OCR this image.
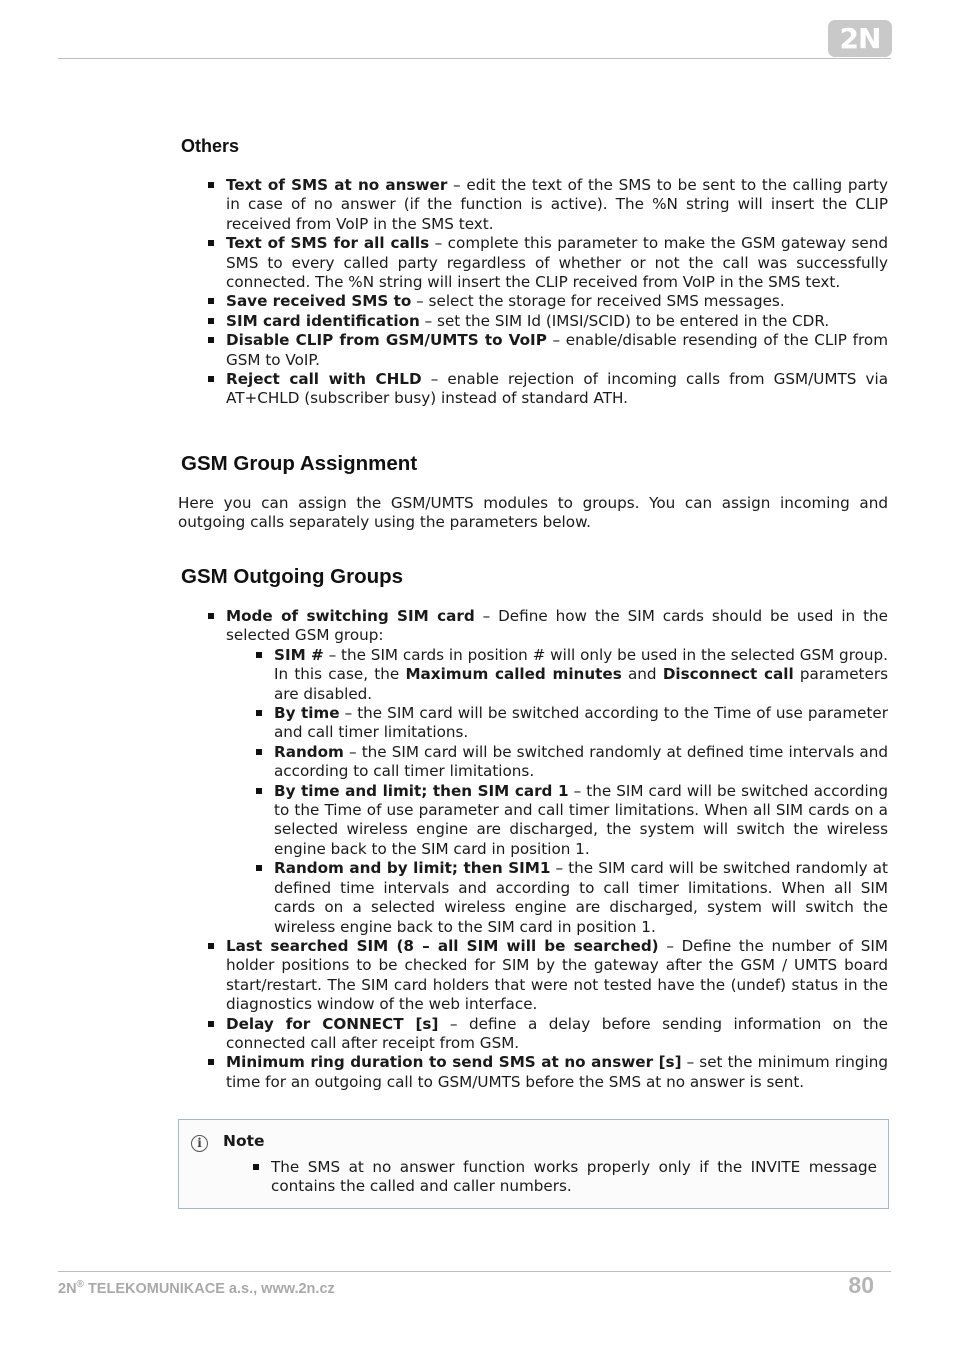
2N
Others
Text of SMS at no answer – edit the text of the SMS to be sent to the calling party in case of no answer (if the function is active). The %N string will insert the CLIP received from VoIP in the SMS text.
Text of SMS for all calls – complete this parameter to make the GSM gateway send SMS to every called party regardless of whether or not the call was successfully connected. The %N string will insert the CLIP received from VoIP in the SMS text.
Save received SMS to – select the storage for received SMS messages.
SIM card identification – set the SIM Id (IMSI/SCID) to be entered in the CDR.
Disable CLIP from GSM/UMTS to VoIP – enable/disable resending of the CLIP from GSM to VoIP.
Reject call with CHLD – enable rejection of incoming calls from GSM/UMTS via AT+CHLD (subscriber busy) instead of standard ATH.
GSM Group Assignment

Here you can assign the GSM/UMTS modules to groups. You can assign incoming and outgoing calls separately using the parameters below.

GSM Outgoing Groups
Mode of switching SIM card – Define how the SIM cards should be used in the selected GSM group:
SIM # – the SIM cards in position # will only be used in the selected GSM group. In this case, the Maximum called minutes and Disconnect call parameters are disabled.
By time – the SIM card will be switched according to the Time of use parameter and call timer limitations.
Random – the SIM card will be switched randomly at defined time intervals and according to call timer limitations.
By time and limit; then SIM card 1 – the SIM card will be switched according to the Time of use parameter and call timer limitations. When all SIM cards on a selected wireless engine are discharged, the system will switch the wireless engine back to the SIM card in position 1.
Random and by limit; then SIM1 – the SIM card will be switched randomly at defined time intervals and according to call timer limitations. When all SIM cards on a selected wireless engine are discharged, system will switch the wireless engine back to the SIM card in position 1.
Last searched SIM (8 – all SIM will be searched) – Define the number of SIM holder positions to be checked for SIM by the gateway after the GSM / UMTS board start/restart. The SIM card holders that were not tested have the (undef) status in the diagnostics window of the web interface.
Delay for CONNECT [s] – define a delay before sending information on the connected call after receipt from GSM.
Minimum ring duration to send SMS at no answer [s] – set the minimum ringing time for an outgoing call to GSM/UMTS before the SMS at no answer is sent.
i	Note
The SMS at no answer function works properly only if the INVITE message contains the called and caller numbers.
2N® TELEKOMUNIKACE a.s., www.2n.cz	80
